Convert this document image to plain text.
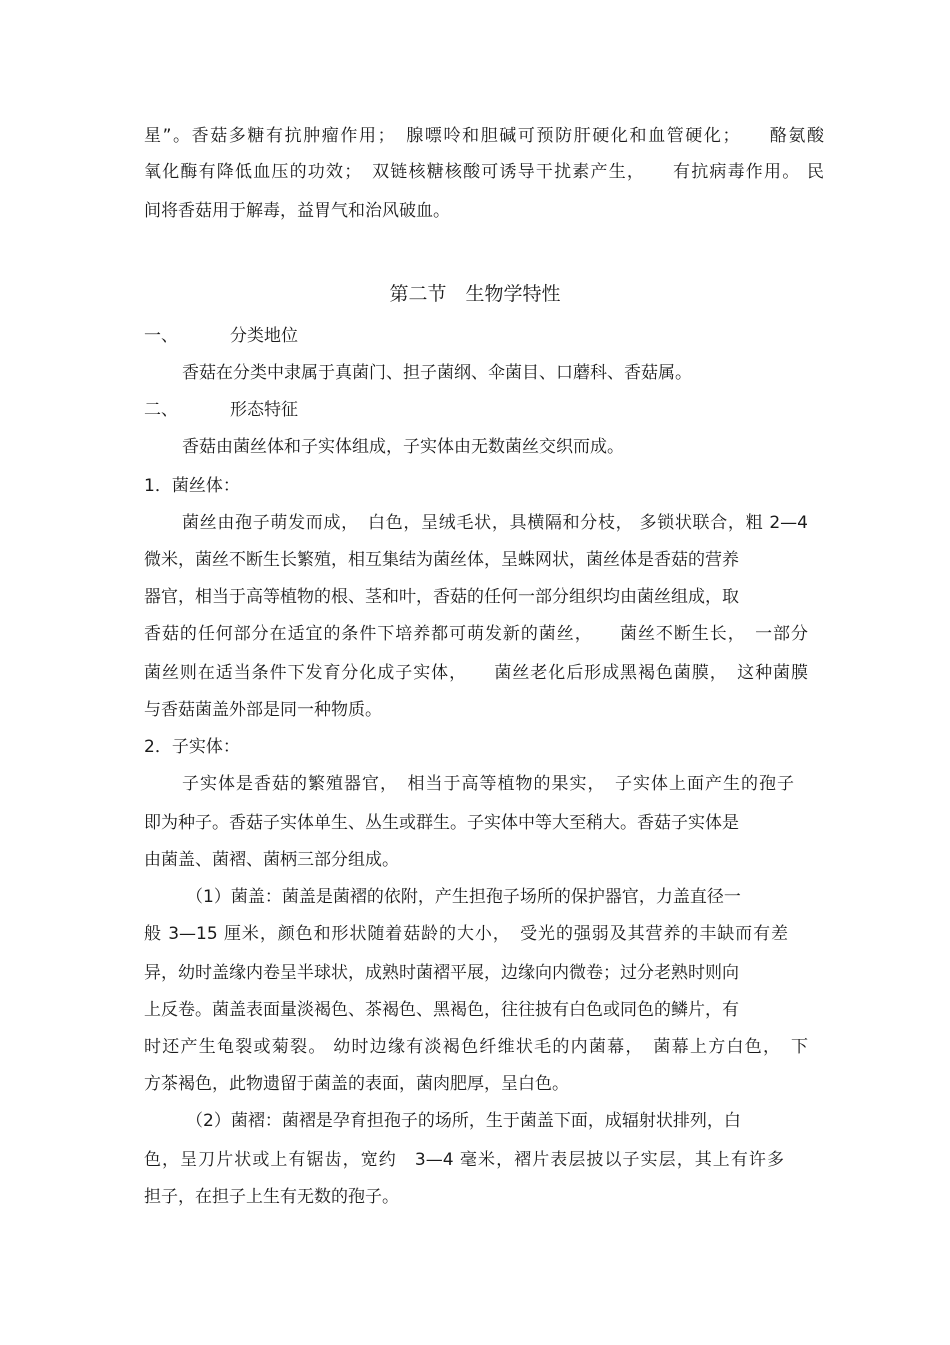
星”。香菇多糖有抗肿瘤作用；　腺嘌呤和胆碱可预防肝硬化和血管硬化；　　酪氨酸
氧化酶有降低血压的功效；　双链核糖核酸可诱导干扰素产生，　　有抗病毒作用。 民
间将香菇用于解毒，益胃气和治风破血。
第二节　生物学特性
一、	分类地位
香菇在分类中隶属于真菌门、担子菌纲、伞菌目、口蘑科、香菇属。
二、	形态特征
香菇由菌丝体和子实体组成，子实体由无数菌丝交织而成。
1．菌丝体：
菌丝由孢子萌发而成，　白色，呈绒毛状，具横隔和分枝， 多锁状联合，粗 2—4
微米，菌丝不断生长繁殖，相互集结为菌丝体，呈蛛网状，菌丝体是香菇的营养
器官，相当于高等植物的根、茎和叶，香菇的任何一部分组织均由菌丝组成，取
香菇的任何部分在适宜的条件下培养都可萌发新的菌丝，　　菌丝不断生长，　一部分
菌丝则在适当条件下发育分化成子实体，　　菌丝老化后形成黑褐色菌膜，　这种菌膜
与香菇菌盖外部是同一种物质。
2．子实体：
子实体是香菇的繁殖器官，　相当于高等植物的果实，　子实体上面产生的孢子
即为种子。香菇子实体单生、丛生或群生。子实体中等大至稍大。香菇子实体是
由菌盖、菌褶、菌柄三部分组成。
（1）菌盖：菌盖是菌褶的依附，产生担孢子场所的保护器官，力盖直径一
般 3—15 厘米，颜色和形状随着菇龄的大小，　受光的强弱及其营养的丰缺而有差
异，幼时盖缘内卷呈半球状，成熟时菌褶平展，边缘向内微卷；过分老熟时则向
上反卷。菌盖表面量淡褐色、茶褐色、黑褐色，往往披有白色或同色的鳞片，有
时还产生龟裂或菊裂。 幼时边缘有淡褐色纤维状毛的内菌幕，　菌幕上方白色，　下
方茶褐色，此物遗留于菌盖的表面，菌肉肥厚，呈白色。
（2）菌褶：菌褶是孕育担孢子的场所，生于菌盖下面，成辐射状排列，白
色，呈刀片状或上有锯齿，宽约　3—4 毫米，褶片表层披以子实层，其上有许多
担子，在担子上生有无数的孢子。
